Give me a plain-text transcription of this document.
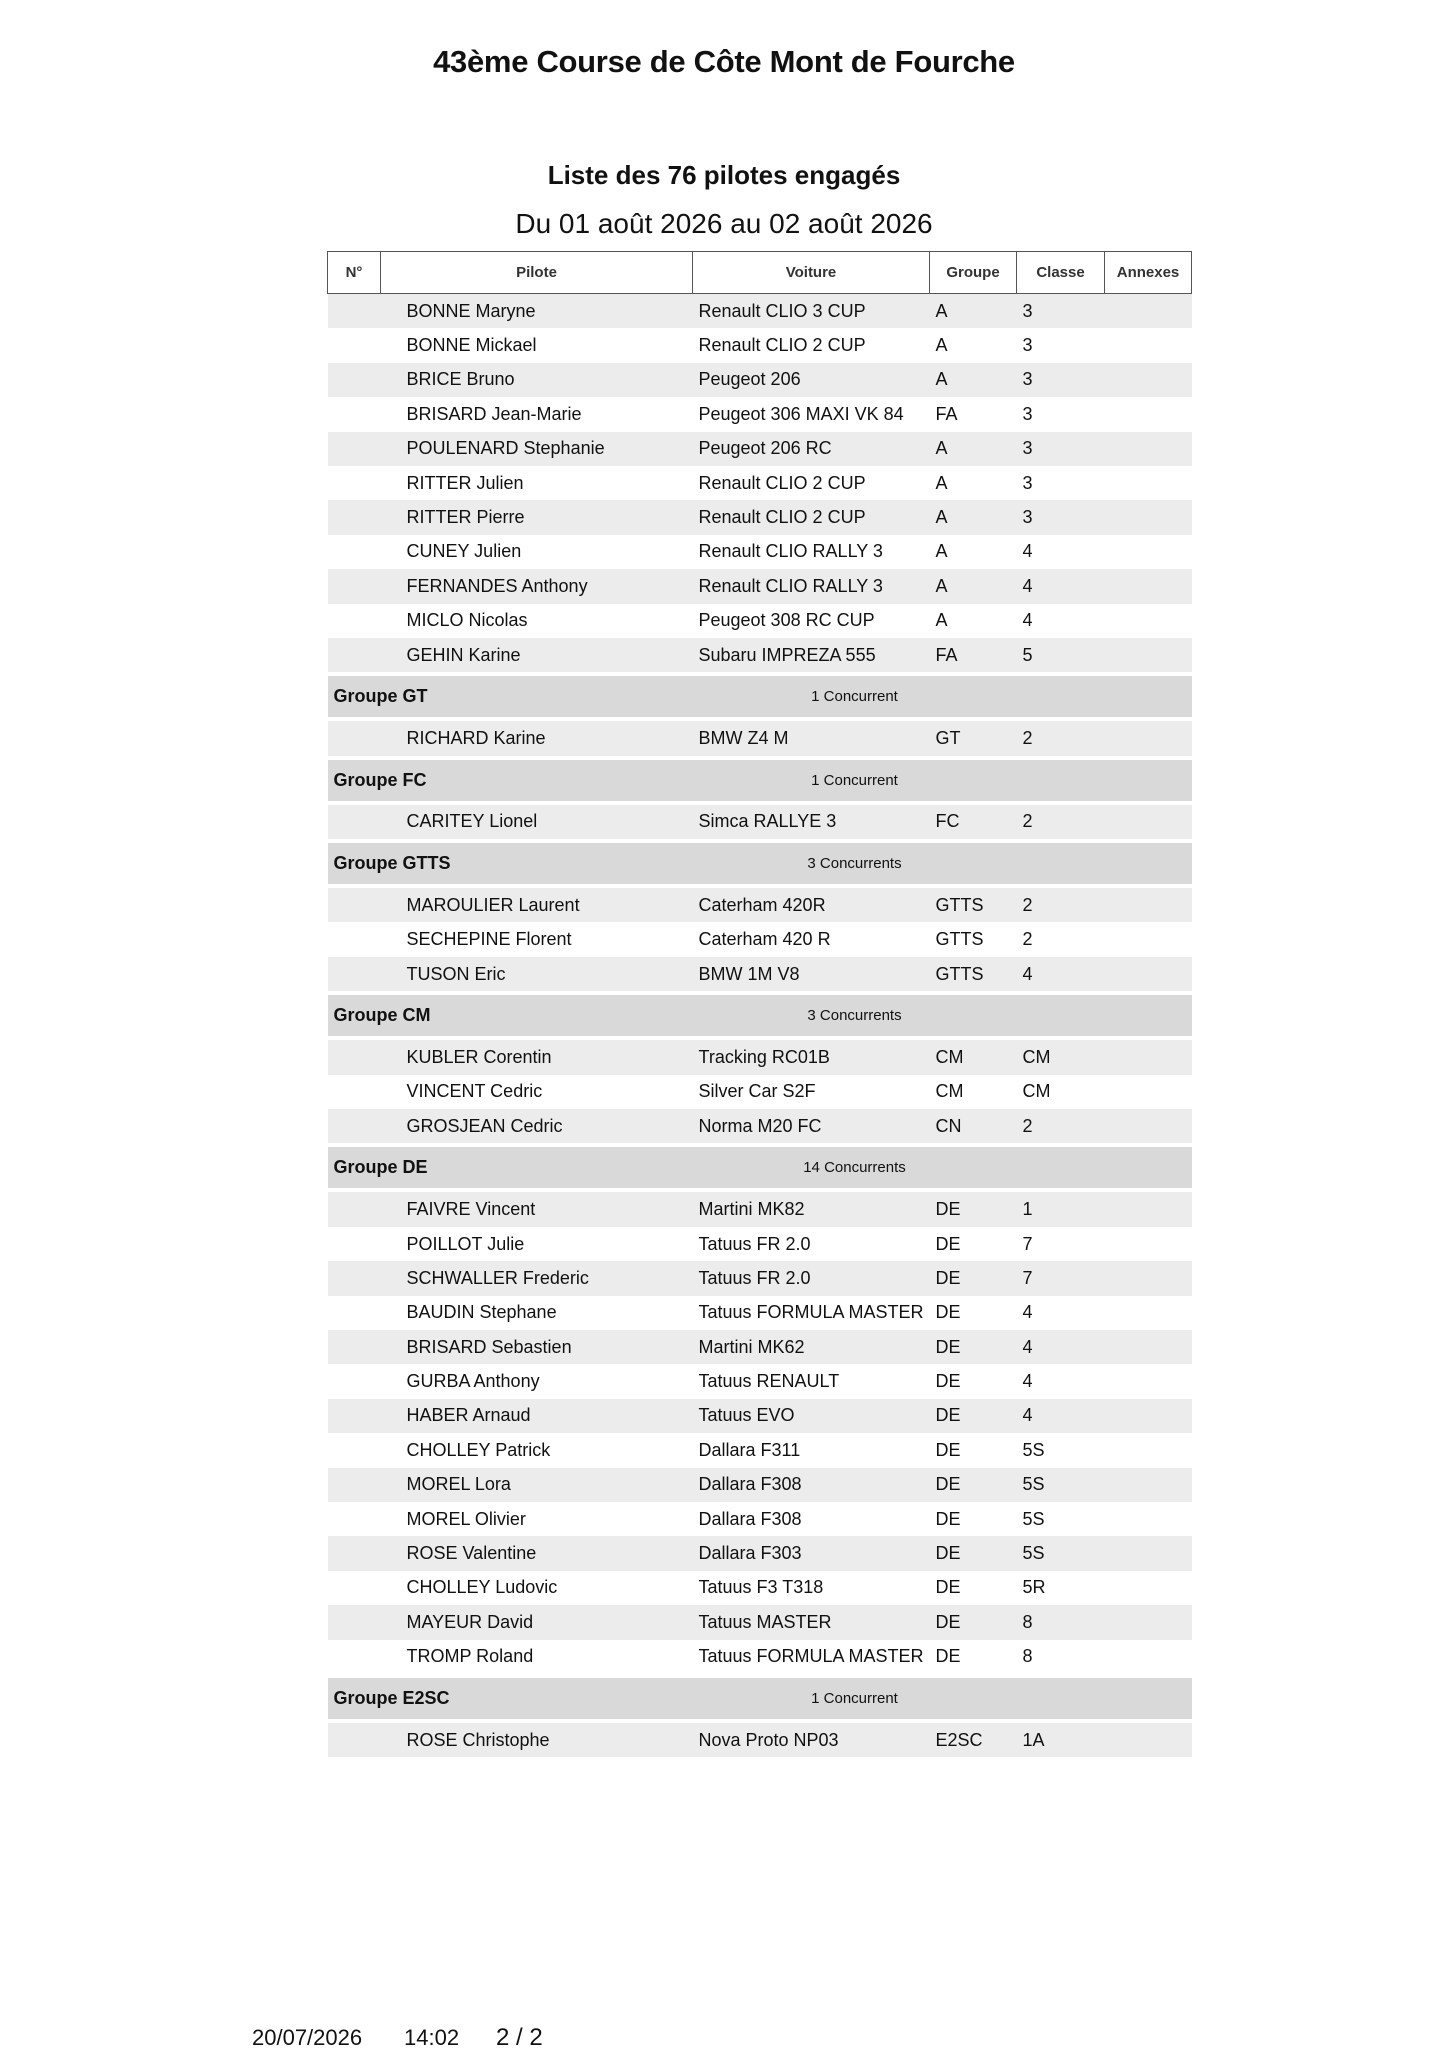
43ème Course de Côte Mont de Fourche
Liste des 76 pilotes engagés
Du 01 août 2026 au 02 août 2026
N°	Pilote	Voiture	Groupe	Classe	Annexes
	BONNE Maryne	Renault CLIO 3 CUP	A	3	
	BONNE Mickael	Renault CLIO 2 CUP	A	3	
	BRICE Bruno	Peugeot 206	A	3	
	BRISARD Jean-Marie	Peugeot 306 MAXI VK 84	FA	3	
	POULENARD Stephanie	Peugeot 206 RC	A	3	
	RITTER Julien	Renault CLIO 2 CUP	A	3	
	RITTER Pierre	Renault CLIO 2 CUP	A	3	
	CUNEY Julien	Renault CLIO RALLY 3	A	4	
	FERNANDES Anthony	Renault CLIO RALLY 3	A	4	
	MICLO Nicolas	Peugeot 308 RC CUP	A	4	
	GEHIN Karine	Subaru IMPREZA 555	FA	5	

Groupe GT		1 Concurrent			

	RICHARD Karine	BMW Z4 M	GT	2	

Groupe FC		1 Concurrent			

	CARITEY Lionel	Simca RALLYE 3	FC	2	

Groupe GTTS		3 Concurrents			

	MAROULIER Laurent	Caterham 420R	GTTS	2	
	SECHEPINE Florent	Caterham 420 R	GTTS	2	
	TUSON Eric	BMW 1M V8	GTTS	4	

Groupe CM		3 Concurrents			

	KUBLER Corentin	Tracking RC01B	CM	CM	
	VINCENT Cedric	Silver Car S2F	CM	CM	
	GROSJEAN Cedric	Norma M20 FC	CN	2	

Groupe DE		14 Concurrents			

	FAIVRE Vincent	Martini MK82	DE	1	
	POILLOT Julie	Tatuus FR 2.0	DE	7	
	SCHWALLER Frederic	Tatuus FR 2.0	DE	7	
	BAUDIN Stephane	Tatuus FORMULA MASTER	DE	4	
	BRISARD Sebastien	Martini MK62	DE	4	
	GURBA Anthony	Tatuus RENAULT	DE	4	
	HABER Arnaud	Tatuus EVO	DE	4	
	CHOLLEY Patrick	Dallara F311	DE	5S	
	MOREL Lora	Dallara F308	DE	5S	
	MOREL Olivier	Dallara F308	DE	5S	
	ROSE Valentine	Dallara F303	DE	5S	
	CHOLLEY Ludovic	Tatuus F3 T318	DE	5R	
	MAYEUR David	Tatuus MASTER	DE	8	
	TROMP Roland	Tatuus FORMULA MASTER	DE	8	

Groupe E2SC		1 Concurrent			

	ROSE Christophe	Nova Proto NP03	E2SC	1A	
20/07/2026	14:02	2 / 2
